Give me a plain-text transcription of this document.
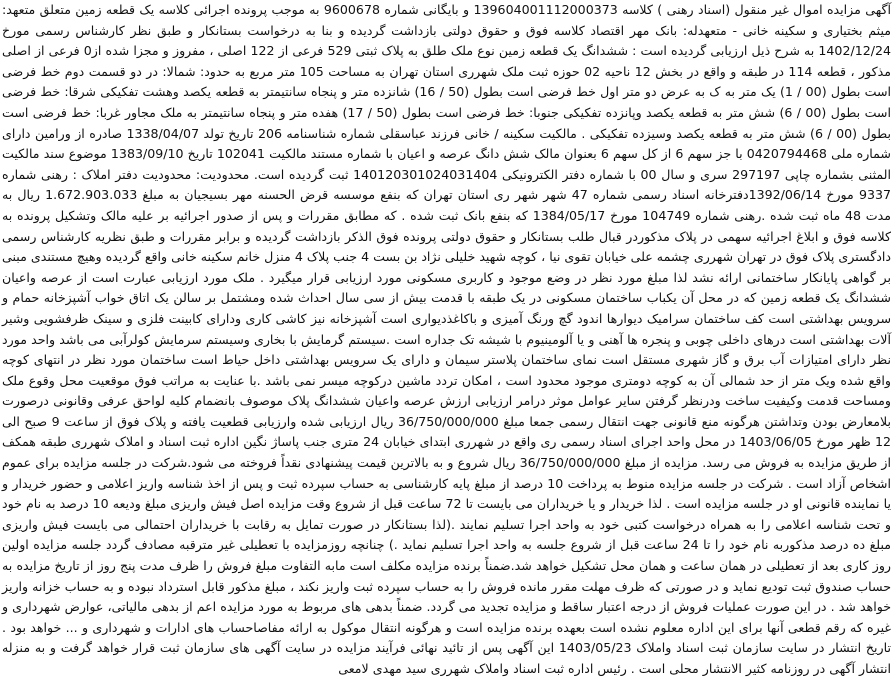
آگهی مزایده اموال غیر منقول (اسناد رهنی ) کلاسه 139604001112000373 و بایگانی شماره 9600678 به موجب پرونده اجرائی کلاسه یک قطعه زمین متعلق متعهد: میثم بختیاری و سکینه خانی - متعهدله: بانک مهر اقتصاد کلاسه فوق و حقوق دولتی بازداشت گردیده و بنا به درخواست بستانکار و طبق نظر کارشناس رسمی مورخ 1402/12/24 به شرح ذیل ارزیابی گردیده است : ششدانگ یک قطعه زمین نوع ملک طلق به پلاک ثبتی 529 فرعی از 122 اصلی ، مفروز و مجزا شده از0 فرعی از اصلی مذکور ، قطعه 114 در طبقه و واقع در بخش 12 ناحیه 02 حوزه ثبت ملک شهرری استان تهران به مساحت 105 متر مربع به حدود: شمالا: در دو قسمت دوم خط فرضی است بطول (00 / 1) یک متر به ک به عرض دو متر اول خط فرضی است بطول (50 / 16) شانزده متر و پنجاه سانتیمتر به قطعه یکصد وهشت تفکیکی شرقا: خط فرضی است بطول (00 / 6) شش متر به قطعه یکصد وپانزده تفکیکی جنوبا: خط فرضی است بطول (50 / 17) هفده متر و پنجاه سانتیمتر به ملک مجاور غربا: خط فرضی است بطول (00 / 6) شش متر به قطعه یکصد وسیزده تفکیکی . مالکیت سکینه / خانی فرزند عباسقلی شماره شناسنامه 206 تاریخ تولد 1338/04/07 صادره از ورامین دارای شماره ملی 0420794468 با جز سهم 6 از کل سهم 6 بعنوان مالک شش دانگ عرصه و اعیان با شماره مستند مالکیت 102041 تاریخ 1383/09/10 موضوع سند مالکیت المثنی بشماره چاپی 297197 سری و سال 00 با شماره دفتر الکترونیکی 140120301024031404 ثبت گردیده است. محدودیت: محدودیت دفتر املاک : رهنی شماره 9337 مورخ 1392/06/14دفترخانه اسناد رسمی شماره 47 شهر شهر ری استان تهران که بنفع موسسه قرض الحسنه مهر بسیجیان به مبلغ 1.672.903.033 ریال به مدت 48 ماه ثبت شده .رهنی شماره 104749 مورخ 1384/05/17 که بنفع بانک ثبت شده . که مطابق مقررات و پس از صدور اجرائیه بر علیه مالک وتشکیل پرونده به کلاسه فوق و ابلاغ اجرائیه سهمی در پلاک مذکوردر قبال طلب بستانکار و حقوق دولتی پرونده فوق الذکر بازداشت گردیده و برابر مقررات و طبق نظریه کارشناس رسمی دادگستری پلاک فوق در تهران شهرری چشمه علی خیابان تقوی نیا ، کوچه شهید خلیلی نژاد بن بست 4 جنب پلاک 4 منزل خانم سکینه خانی واقع گردیده وهیچ مستندی مبنی بر گواهی پایانکار ساختمانی ارائه نشد لذا مبلغ مورد نظر در وضع موجود و کاربری مسکونی مورد ارزیابی قرار میگیرد . ملک مورد ارزیابی عبارت است از عرصه واعیان ششدانگ یک قطعه زمین که در محل آن یکباب ساختمان مسکونی در یک طبقه با قدمت بیش از سی سال احداث شده ومشتمل بر سالن یک اتاق خواب آشپزخانه حمام و سرویس بهداشتی است کف ساختمان سرامیک دیوارها اندود گچ ورنگ آمیزی و باکاغذدیواری است آشپزخانه نیز کاشی کاری ودارای کابینت فلزی و سینک ظرفشویی وشیر آلات بهداشتی است درهای داخلی چوبی و پنجره ها آهنی و یا آلومینیوم با شیشه تک جداره است .سیستم گرمایش با بخاری وسیستم سرمایش کولرآبی می باشد واحد مورد نظر دارای امتیازات آب برق و گاز شهری مستقل است نمای ساختمان پلاستر سیمان و دارای یک سرویس بهداشتی داخل حیاط است ساختمان مورد نظر در انتهای کوچه واقع شده ویک متر از حد شمالی آن به کوچه دومتری موجود محدود است ، امکان تردد ماشین درکوچه میسر نمی باشد .با عنایت به مراتب فوق موقعیت محل وقوع ملک ومساحت قدمت وکیفیت ساخت ودرنظر گرفتن سایر عوامل موثر درامر ارزیابی ارزش عرصه واعیان ششدانگ پلاک موصوف بانضمام کلیه لواحق عرفی وقانونی درصورت بلامعارض بودن وتداشتن هرگونه منع قانونی جهت انتقال رسمی جمعا مبلغ 36/750/000/000 ریال ارزیابی شده وارزیابی قطعیت یافته و پلاک فوق از ساعت 9 صبح الی 12 ظهر مورخ 1403/06/05 در محل واحد اجرای اسناد رسمی ری واقع در شهرری ابتدای خیابان 24 متری جنب پاساژ نگین اداره ثبت اسناد و املاک شهرری طبقه همکف از طریق مزایده به فروش می رسد. مزایده از مبلغ 36/750/000/000 ریال شروع و به بالاترین قیمت پیشنهادی نقداً فروخته می شود.شرکت در جلسه مزایده برای عموم اشخاص آزاد است . شرکت در جلسه مزایده منوط به پرداخت 10 درصد از مبلغ پایه کارشناسی به حساب سپرده ثبت و پس از اخذ شناسه واریز اعلامی و حضور خریدار و یا نماینده قانونی او در جلسه مزایده است . لذا خریدار و یا خریداران می بایست تا 72 ساعت قبل از شروع وقت مزایده اصل فیش واریزی مبلغ ودیعه 10 درصد به نام خود و تحت شناسه اعلامی را به همراه درخواست کتبی خود به واحد اجرا تسلیم نمایند .(لذا بستانکار در صورت تمایل به رقابت با خریداران احتمالی می بایست فیش واریزی مبلغ ده درصد مذکوربه نام خود را تا 24 ساعت قبل از شروع جلسه به واحد اجرا تسلیم نماید .) چنانچه روزمزایده با تعطیلی غیر مترقبه مصادف گردد جلسه مزایده اولین روز کاری بعد از تعطیلی در همان ساعت و همان محل تشکیل خواهد شد.ضمناً برنده مزایده مکلف است مابه التفاوت مبلغ فروش را ظرف مدت پنج روز از تاریخ مزایده به حساب صندوق ثبت تودیع نماید و در صورتی که ظرف مهلت مقرر مانده فروش را به حساب سپرده ثبت واریز نکند ، مبلغ مذکور قابل استرداد نبوده و به حساب خزانه واریز خواهد شد . در این صورت عملیات فروش از درجه اعتبار ساقط و مزایده تجدید می گردد. ضمناً بدهی های مربوط به مورد مزایده اعم از بدهی مالیاتی، عوارض شهرداری و غیره که رقم قطعی آنها برای این اداره معلوم نشده است بعهده برنده مزایده است و هرگونه انتقال موکول به ارائه مفاصاحساب های ادارات و شهرداری و ... خواهد بود . تاریخ انتشار در سایت سازمان ثبت اسناد واملاک 1403/05/23 این آگهی پس از تائید نهائی فرآیند مزایده در سایت آگهی های سازمان ثبت قرار خواهد گرفت و به منزله انتشار آگهی در روزنامه کثیر الانتشار محلی است . رئیس اداره ثبت اسناد واملاک شهرری سید مهدی لامعی
